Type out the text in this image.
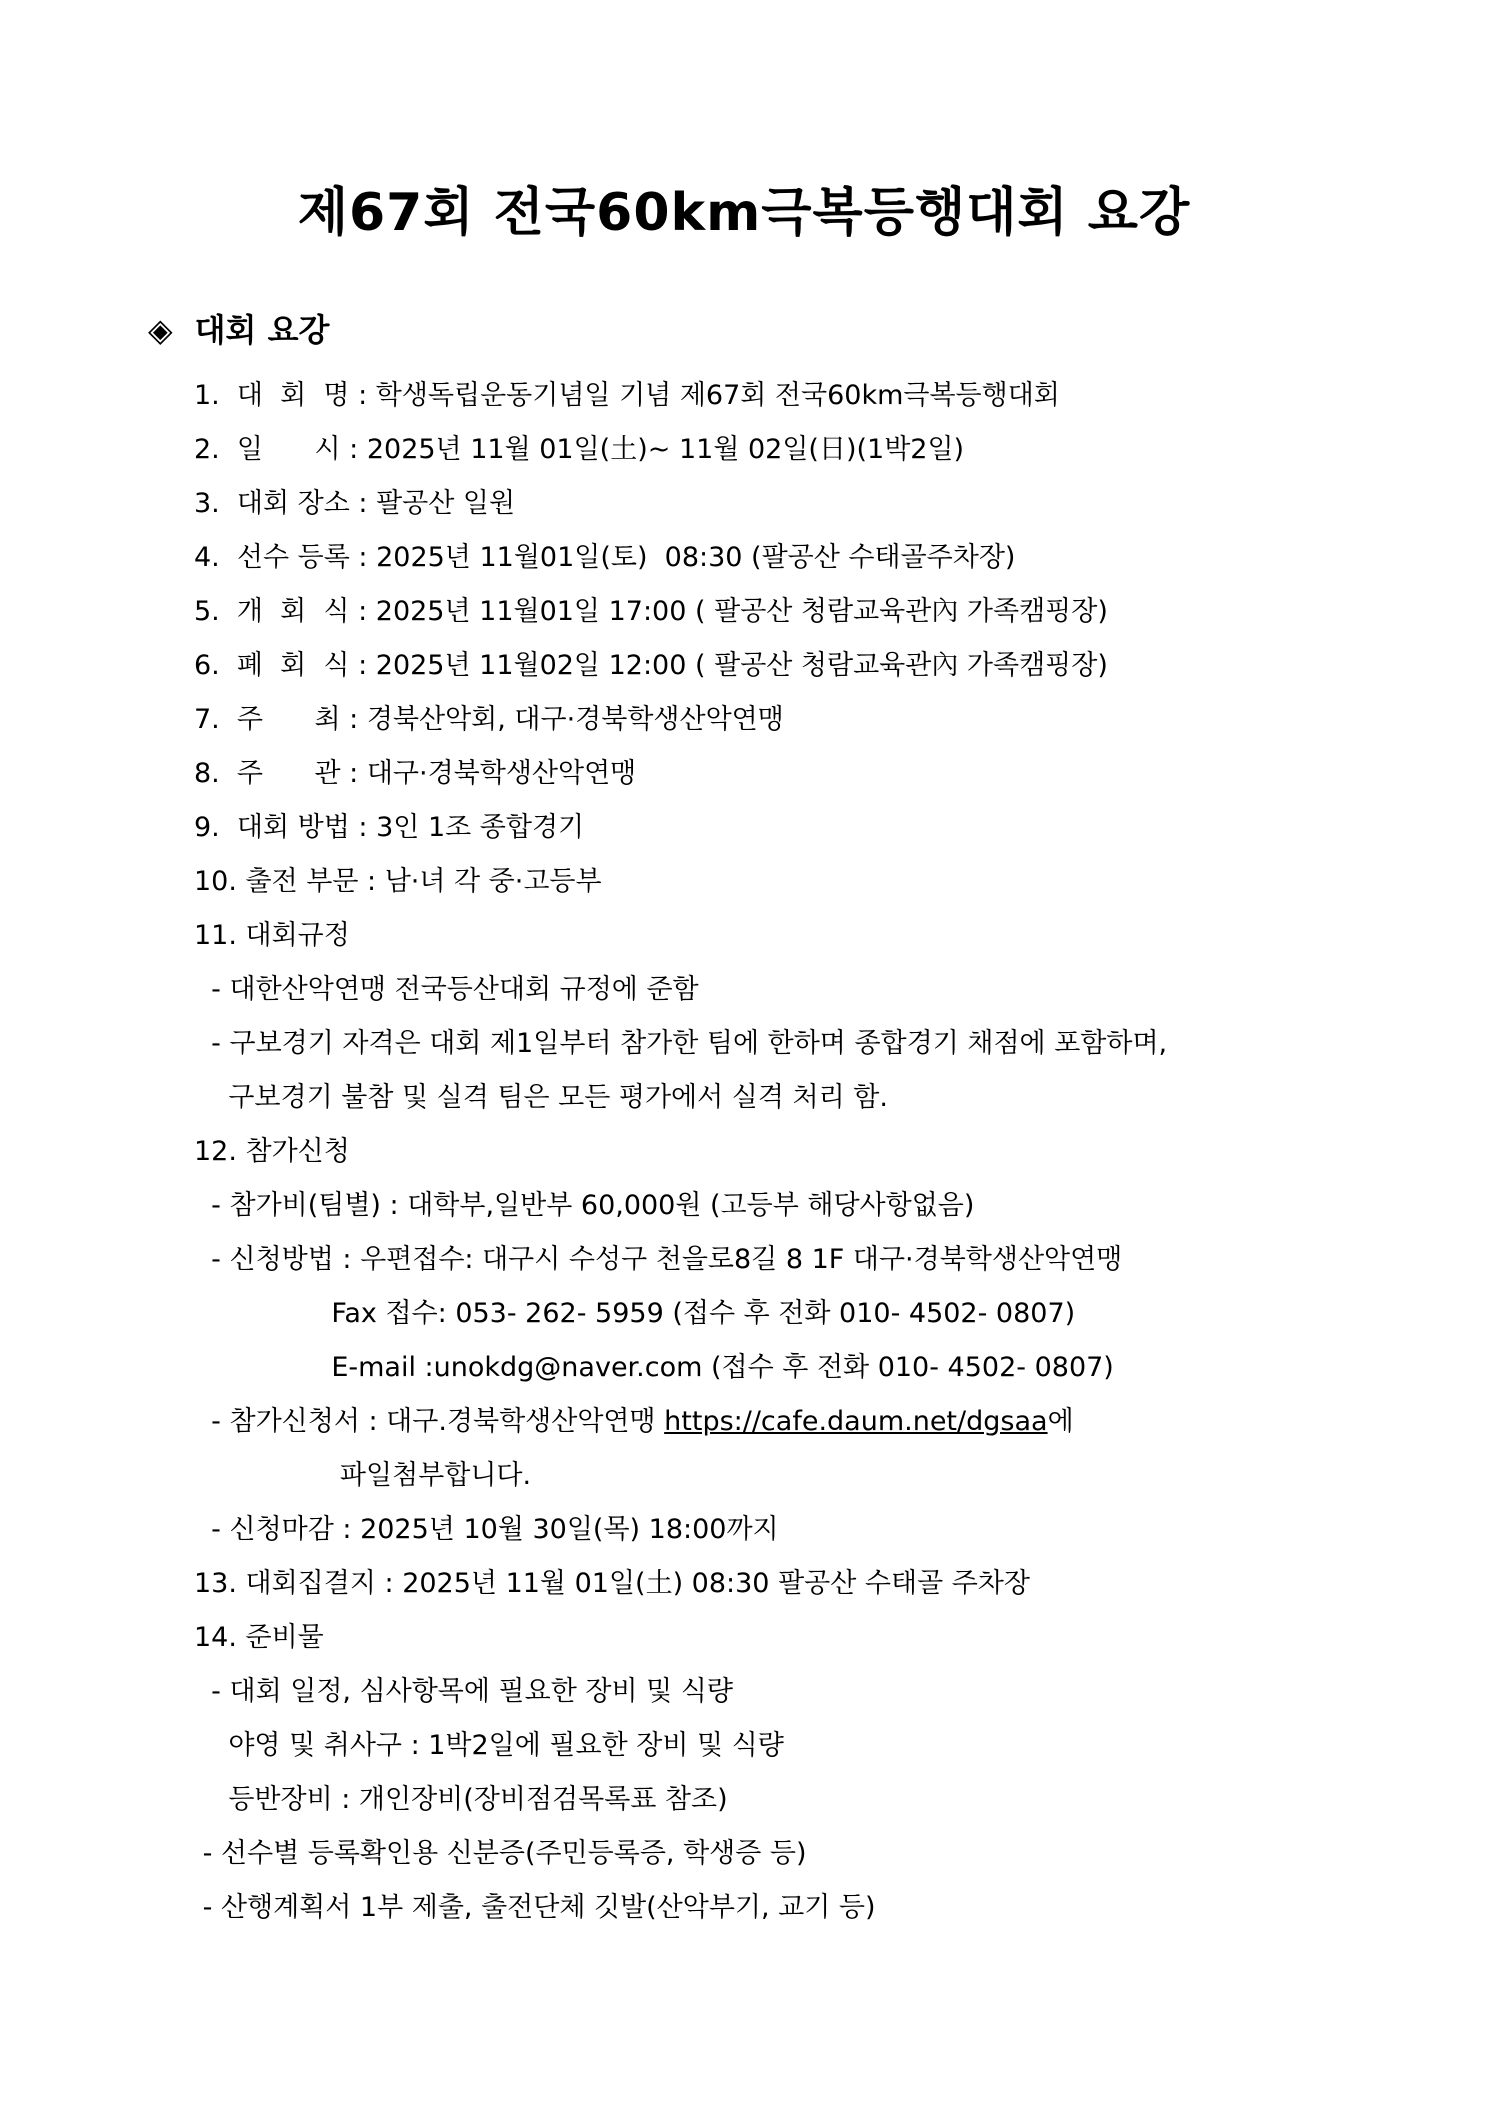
제67회 전국60km극복등행대회 요강
◈ 대회 요강
1.  대  회  명 : 학생독립운동기념일 기념 제67회 전국60km극복등행대회
2.  일      시 : 2025년 11월 01일(土)~ 11월 02일(日)(1박2일)
3.  대회 장소 : 팔공산 일원
4.  선수 등록 : 2025년 11월01일(토)  08:30 (팔공산 수태골주차장)
5.  개  회  식 : 2025년 11월01일 17:00 ( 팔공산 청람교육관內 가족캠핑장)
6.  폐  회  식 : 2025년 11월02일 12:00 ( 팔공산 청람교육관內 가족캠핑장)
7.  주      최 : 경북산악회, 대구·경북학생산악연맹
8.  주      관 : 대구·경북학생산악연맹
9.  대회 방법 : 3인 1조 종합경기
10. 출전 부문 : 남·녀 각 중·고등부
11. 대회규정
- 대한산악연맹 전국등산대회 규정에 준함
- 구보경기 자격은 대회 제1일부터 참가한 팀에 한하며 종합경기 채점에 포함하며,
구보경기 불참 및 실격 팀은 모든 평가에서 실격 처리 함.
12. 참가신청
- 참가비(팀별) : 대학부,일반부 60,000원 (고등부 해당사항없음)
- 신청방법 : 우편접수: 대구시 수성구 천을로8길 8 1F 대구·경북학생산악연맹
Fax 접수: 053- 262- 5959 (접수 후 전화 010- 4502- 0807)
E-mail :unokdg@naver.com (접수 후 전화 010- 4502- 0807)
- 참가신청서 : 대구.경북학생산악연맹 https://cafe.daum.net/dgsaa에
파일첨부합니다.
- 신청마감 : 2025년 10월 30일(목) 18:00까지
13. 대회집결지 : 2025년 11월 01일(土) 08:30 팔공산 수태골 주차장
14. 준비물
- 대회 일정, 심사항목에 필요한 장비 및 식량
야영 및 취사구 : 1박2일에 필요한 장비 및 식량
등반장비 : 개인장비(장비점검목록표 참조)
- 선수별 등록확인용 신분증(주민등록증, 학생증 등)
- 산행계획서 1부 제출, 출전단체 깃발(산악부기, 교기 등)
